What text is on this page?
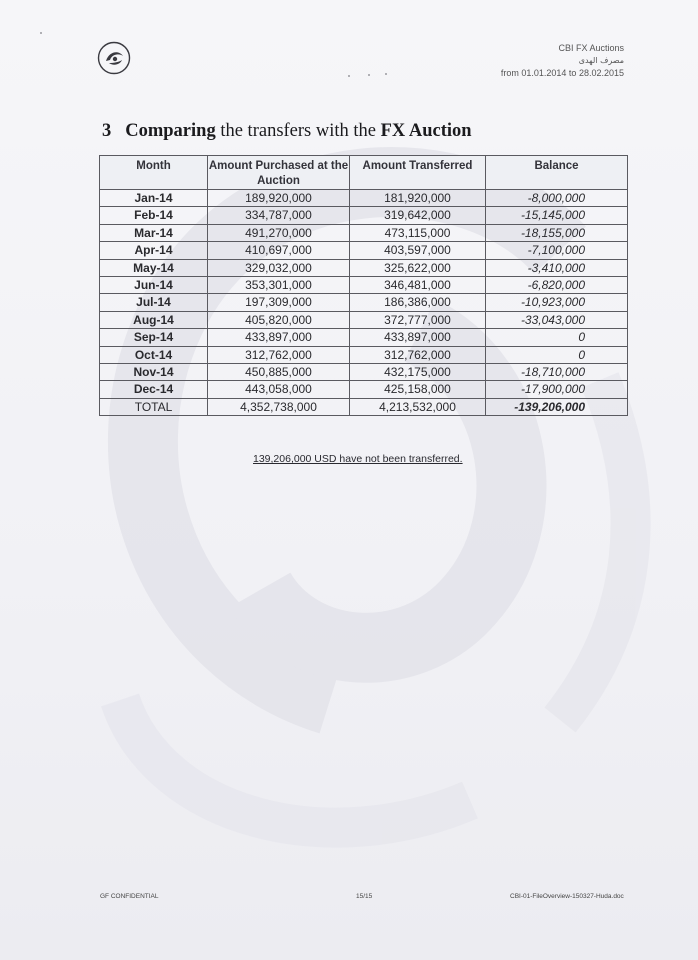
CBI FX Auctions
مصرف الهدى
from 01.01.2014 to 28.02.2015
3 Comparing the transfers with the FX Auction
Month	Amount Purchased at the Auction	Amount Transferred	Balance
Jan-14	189,920,000	181,920,000	-8,000,000
Feb-14	334,787,000	319,642,000	-15,145,000
Mar-14	491,270,000	473,115,000	-18,155,000
Apr-14	410,697,000	403,597,000	-7,100,000
May-14	329,032,000	325,622,000	-3,410,000
Jun-14	353,301,000	346,481,000	-6,820,000
Jul-14	197,309,000	186,386,000	-10,923,000
Aug-14	405,820,000	372,777,000	-33,043,000
Sep-14	433,897,000	433,897,000	0
Oct-14	312,762,000	312,762,000	0
Nov-14	450,885,000	432,175,000	-18,710,000
Dec-14	443,058,000	425,158,000	-17,900,000
TOTAL	4,352,738,000	4,213,532,000	-139,206,000
139,206,000 USD have not been transferred.
GF CONFIDENTIAL	15/15	CBI-01-FileOverview-150327-Huda.doc
